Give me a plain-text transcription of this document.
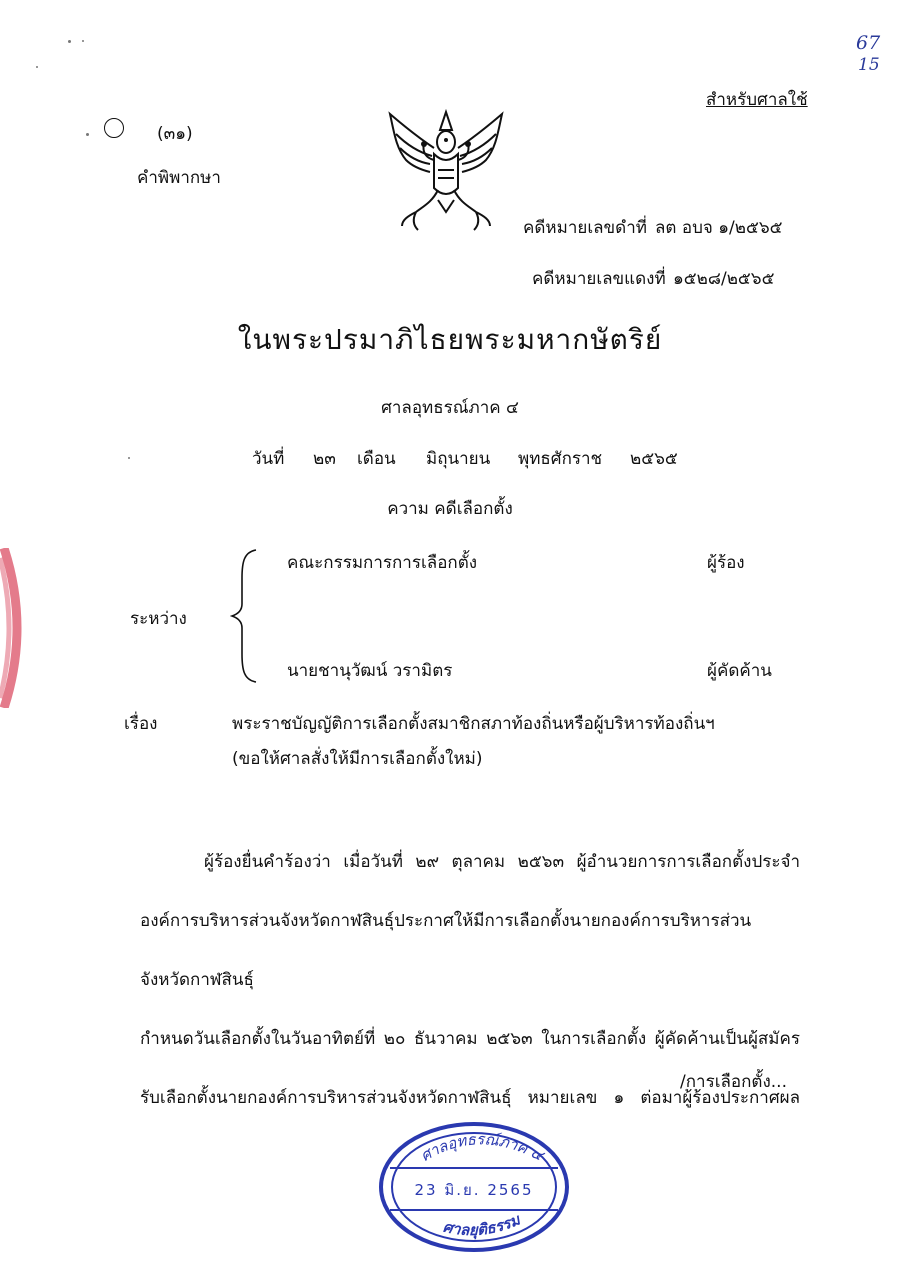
67
15
สำหรับศาลใช้
(๓๑)
คำพิพากษา
คดีหมายเลขดำที่ ลต อบจ ๑/๒๕๖๕
คดีหมายเลขแดงที่ ๑๕๒๘/๒๕๖๕
ในพระปรมาภิไธยพระมหากษัตริย์
ศาลอุทธรณ์ภาค ๔
วันที่ ๒๓ เดือน มิถุนายน พุทธศักราช ๒๕๖๕
ความ คดีเลือกตั้ง
คณะกรรมการการเลือกตั้ง	ผู้ร้อง
ระหว่าง
นายชานุวัฒน์ วรามิตร	ผู้คัดค้าน
เรื่อง	พระราชบัญญัติการเลือกตั้งสมาชิกสภาท้องถิ่นหรือผู้บริหารท้องถิ่นฯ
(ขอให้ศาลสั่งให้มีการเลือกตั้งใหม่)

ผู้ร้องยื่นคำร้องว่า เมื่อวันที่ ๒๙ ตุลาคม ๒๕๖๓ ผู้อำนวยการการเลือกตั้งประจำ

องค์การบริหารส่วนจังหวัดกาฬสินธุ์ประกาศให้มีการเลือกตั้งนายกองค์การบริหารส่วนจังหวัดกาฬสินธุ์

กำหนดวันเลือกตั้งในวันอาทิตย์ที่ ๒๐ ธันวาคม ๒๕๖๓ ในการเลือกตั้ง ผู้คัดค้านเป็นผู้สมัคร

รับเลือกตั้งนายกองค์การบริหารส่วนจังหวัดกาฬสินธุ์ หมายเลข ๑ ต่อมาผู้ร้องประกาศผล

/การเลือกตั้ง...
ศาลอุทธรณ์ภาค ๔
23 มิ.ย. 2565
ศาลยุติธรรม
